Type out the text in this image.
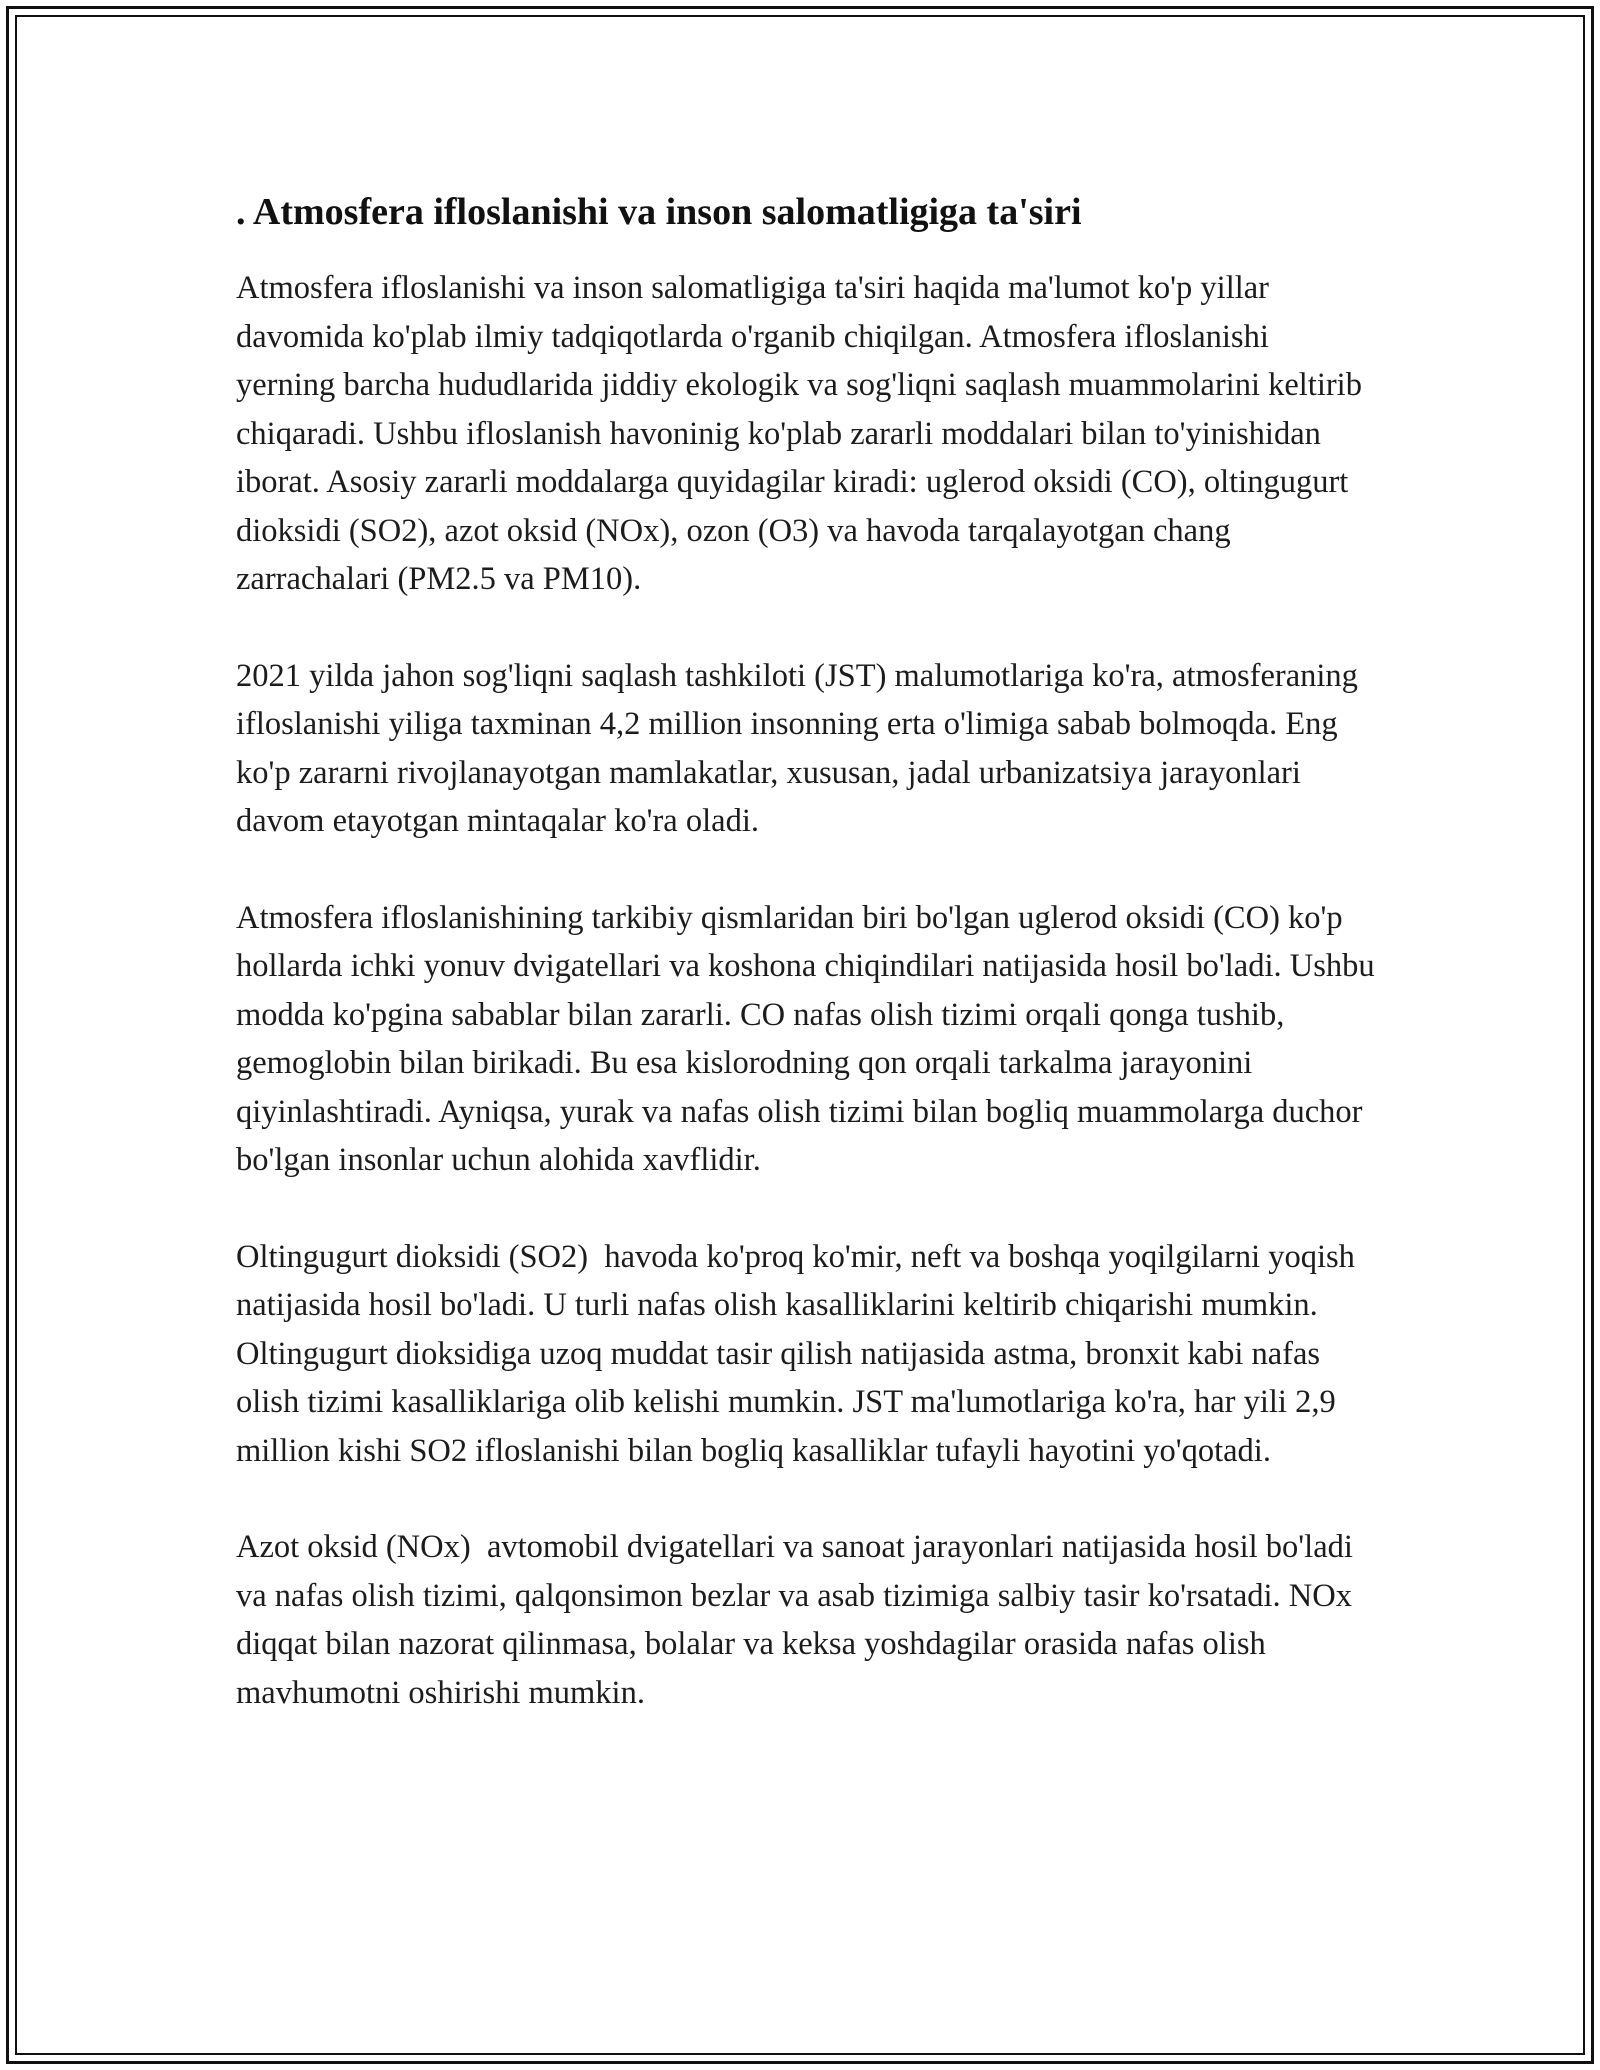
. Atmosfera ifloslanishi va inson salomatligiga ta'siri

Atmosfera ifloslanishi va inson salomatligiga ta'siri haqida ma'lumot ko'p yillar davomida ko'plab ilmiy tadqiqotlarda o'rganib chiqilgan. Atmosfera ifloslanishi yerning barcha hududlarida jiddiy ekologik va sog'liqni saqlash muammolarini keltirib chiqaradi. Ushbu ifloslanish havoninig ko'plab zararli moddalari bilan to'yinishidan iborat. Asosiy zararli moddalarga quyidagilar kiradi: uglerod oksidi (CO), oltingugurt dioksidi (SO2), azot oksid (NOx), ozon (O3) va havoda tarqalayotgan chang zarrachalari (PM2.5 va PM10).

2021 yilda jahon sog'liqni saqlash tashkiloti (JST) malumotlariga ko'ra, atmosferaning ifloslanishi yiliga taxminan 4,2 million insonning erta o'limiga sabab bolmoqda. Eng ko'p zararni rivojlanayotgan mamlakatlar, xususan, jadal urbanizatsiya jarayonlari davom etayotgan mintaqalar ko'ra oladi.

Atmosfera ifloslanishining tarkibiy qismlaridan biri bo'lgan uglerod oksidi (CO) ko'p hollarda ichki yonuv dvigatellari va koshona chiqindilari natijasida hosil bo'ladi. Ushbu modda ko'pgina sabablar bilan zararli. CO nafas olish tizimi orqali qonga tushib, gemoglobin bilan birikadi. Bu esa kislorodning qon orqali tarkalma jarayonini qiyinlashtiradi. Ayniqsa, yurak va nafas olish tizimi bilan bogliq muammolarga duchor bo'lgan insonlar uchun alohida xavflidir.

Oltingugurt dioksidi (SO2)  havoda ko'proq ko'mir, neft va boshqa yoqilgilarni yoqish natijasida hosil bo'ladi. U turli nafas olish kasalliklarini keltirib chiqarishi mumkin. Oltingugurt dioksidiga uzoq muddat tasir qilish natijasida astma, bronxit kabi nafas olish tizimi kasalliklariga olib kelishi mumkin. JST ma'lumotlariga ko'ra, har yili 2,9 million kishi SO2 ifloslanishi bilan bogliq kasalliklar tufayli hayotini yo'qotadi.

Azot oksid (NOx)  avtomobil dvigatellari va sanoat jarayonlari natijasida hosil bo'ladi va nafas olish tizimi, qalqonsimon bezlar va asab tizimiga salbiy tasir ko'rsatadi. NOx diqqat bilan nazorat qilinmasa, bolalar va keksa yoshdagilar orasida nafas olish mavhumotni oshirishi mumkin.
